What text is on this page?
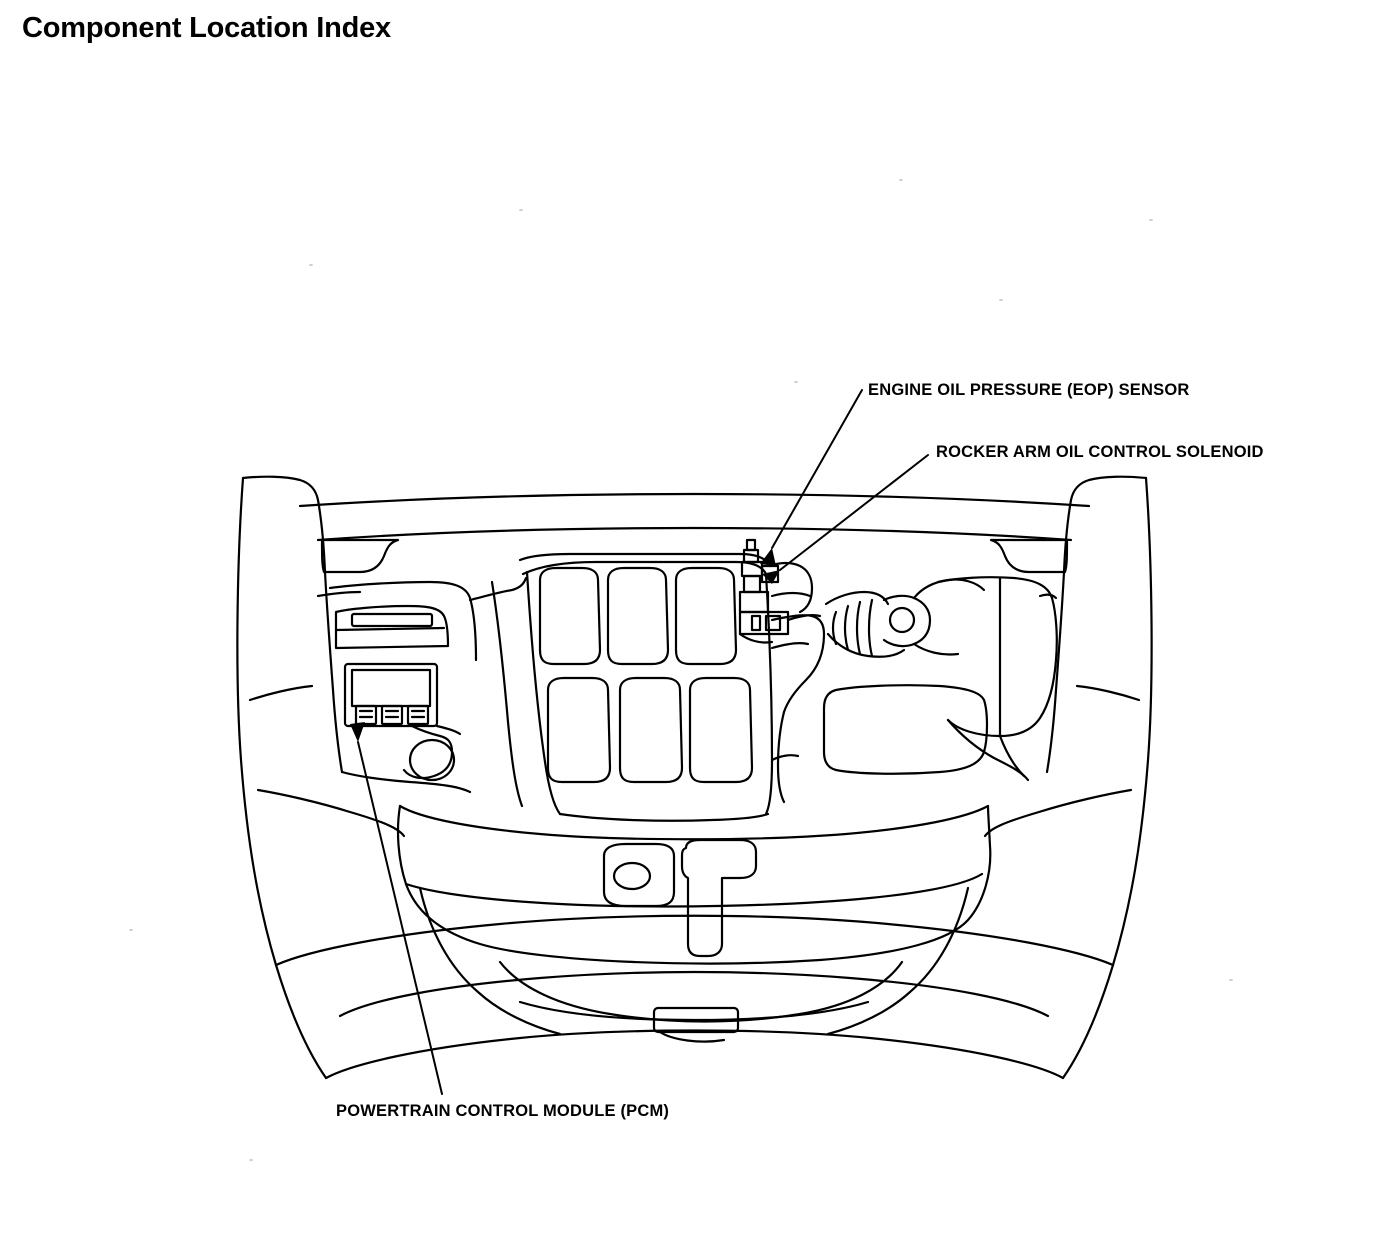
Component Location Index
ENGINE OIL PRESSURE (EOP) SENSOR
ROCKER ARM OIL CONTROL SOLENOID
POWERTRAIN CONTROL MODULE (PCM)
